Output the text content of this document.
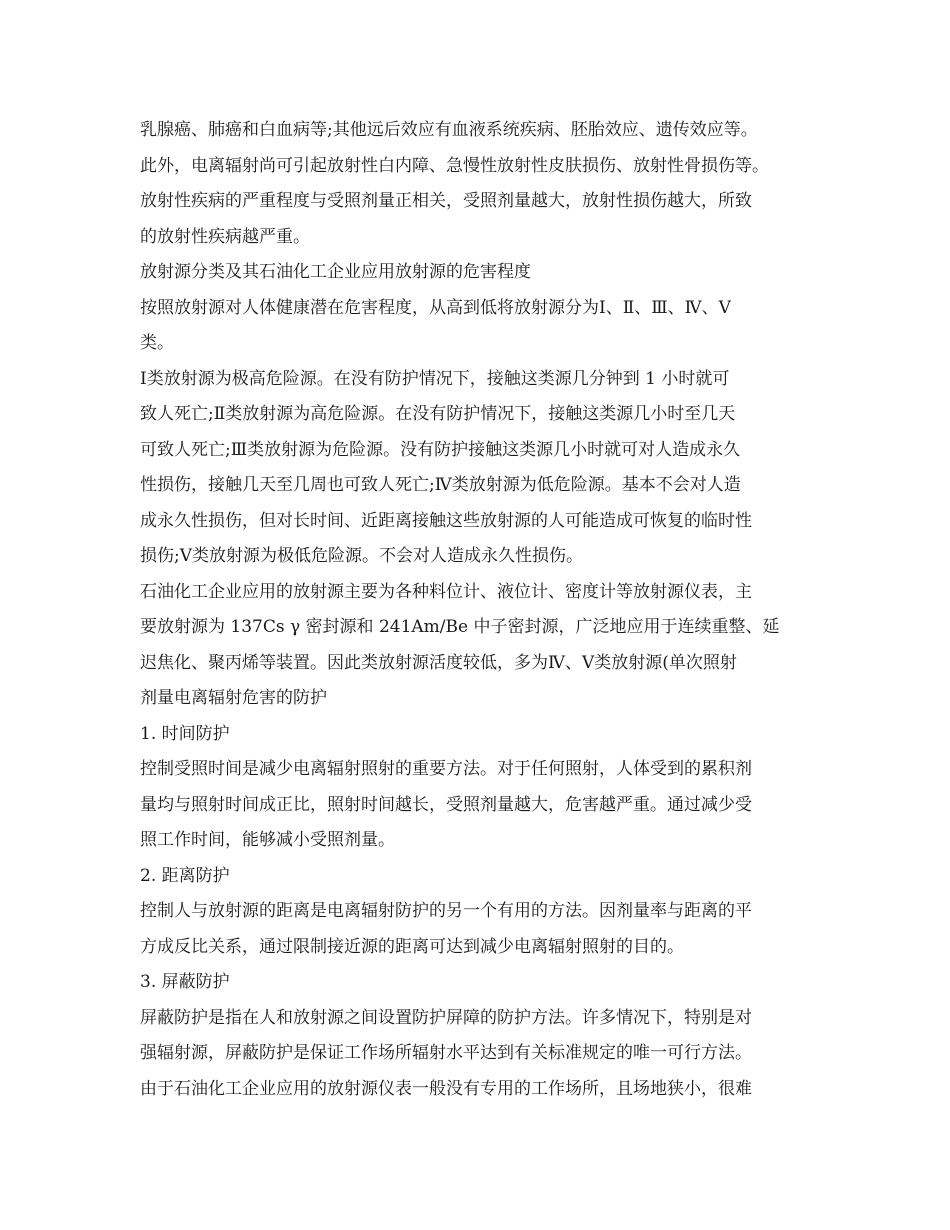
乳腺癌、肺癌和白血病等;其他远后效应有血液系统疾病、胚胎效应、遗传效应等。
此外，电离辐射尚可引起放射性白内障、急慢性放射性皮肤损伤、放射性骨损伤等。
放射性疾病的严重程度与受照剂量正相关，受照剂量越大，放射性损伤越大，所致
的放射性疾病越严重。
放射源分类及其石油化工企业应用放射源的危害程度
按照放射源对人体健康潜在危害程度，从高到低将放射源分为Ⅰ、Ⅱ、Ⅲ、Ⅳ、Ⅴ
类。
Ⅰ类放射源为极高危险源。在没有防护情况下，接触这类源几分钟到 1 小时就可
致人死亡;Ⅱ类放射源为高危险源。在没有防护情况下，接触这类源几小时至几天
可致人死亡;Ⅲ类放射源为危险源。没有防护接触这类源几小时就可对人造成永久
性损伤，接触几天至几周也可致人死亡;Ⅳ类放射源为低危险源。基本不会对人造
成永久性损伤，但对长时间、近距离接触这些放射源的人可能造成可恢复的临时性
损伤;Ⅴ类放射源为极低危险源。不会对人造成永久性损伤。
石油化工企业应用的放射源主要为各种料位计、液位计、密度计等放射源仪表，主
要放射源为 137Cs γ 密封源和 241Am/Be 中子密封源，广泛地应用于连续重整、延
迟焦化、聚丙烯等装置。因此类放射源活度较低，多为Ⅳ、Ⅴ类放射源(单次照射
剂量电离辐射危害的防护
1. 时间防护
控制受照时间是减少电离辐射照射的重要方法。对于任何照射，人体受到的累积剂
量均与照射时间成正比，照射时间越长，受照剂量越大，危害越严重。通过减少受
照工作时间，能够减小受照剂量。
2. 距离防护
控制人与放射源的距离是电离辐射防护的另一个有用的方法。因剂量率与距离的平
方成反比关系，通过限制接近源的距离可达到减少电离辐射照射的目的。
3. 屏蔽防护
屏蔽防护是指在人和放射源之间设置防护屏障的防护方法。许多情况下，特别是对
强辐射源，屏蔽防护是保证工作场所辐射水平达到有关标准规定的唯一可行方法。
由于石油化工企业应用的放射源仪表一般没有专用的工作场所，且场地狭小，很难
